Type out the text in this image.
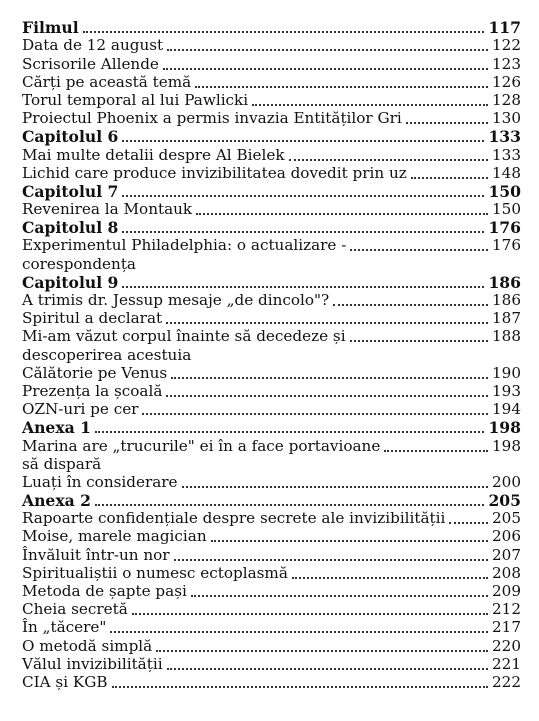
Filmul	117
Data de 12 august	122
Scrisorile Allende	123
Cărți pe această temă	126
Torul temporal al lui Pawlicki	128
Proiectul Phoenix a permis invazia Entităților Gri	130
Capitolul 6	133
Mai multe detalii despre Al Bielek	133
Lichid care produce invizibilitatea dovedit prin uz	148
Capitolul 7	150
Revenirea la Montauk	150
Capitolul 8	176
Experimentul Philadelphia: o actualizare -	176
corespondența
Capitolul 9	186
A trimis dr. Jessup mesaje „de dincolo"?	186
Spiritul a declarat	187
Mi-am văzut corpul înainte să decedeze și	188
descoperirea acestuia
Călătorie pe Venus	190
Prezența la școală	193
OZN-uri pe cer	194
Anexa 1	198
Marina are „trucurile" ei în a face portavioane	198
să dispară
Luați în considerare	200
Anexa 2	205
Rapoarte confidențiale despre secrete ale invizibilității	205
Moise, marele magician	206
Învăluit într-un nor	207
Spiritualiștii o numesc ectoplasmă	208
Metoda de șapte pași	209
Cheia secretă	212
În „tăcere"	217
O metodă simplă	220
Vălul invizibilității	221
CIA și KGB	222
